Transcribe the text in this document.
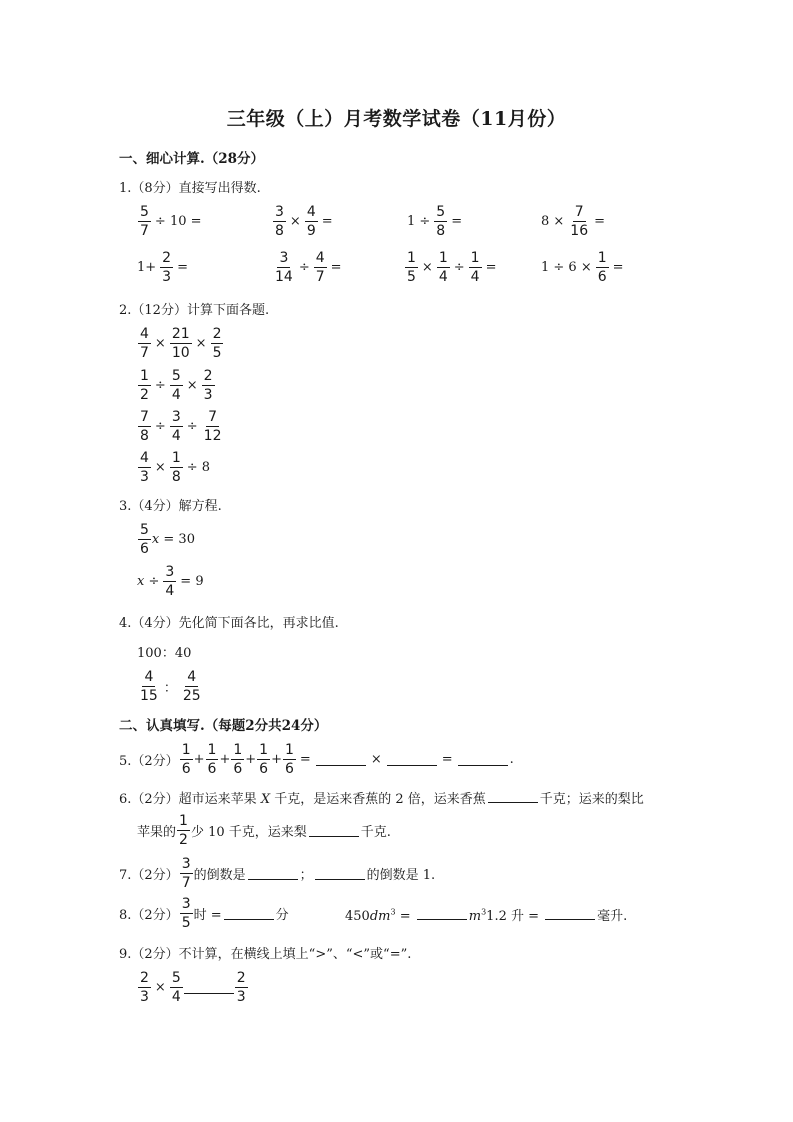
三年级（上）月考数学试卷（11月份）
一、细心计算.（28分）
1.（8分）直接写出得数.
$\frac{5}{7} \div 10$ =	$\frac{3}{8} \times \frac{4}{9}$ =	$1 \div \frac{5}{8}$ =	$8 \times \frac{7}{16}$ =
$1+ \frac{2}{3}$ =	$\frac{3}{14} \div \frac{4}{7}$ =	$\frac{1}{5} \times \frac{1}{4} \div \frac{1}{4}$ =	$1 \div 6 \times \frac{1}{6}$ =
2.（12分）计算下面各题.
$\frac{4}{7} \times \frac{21}{10} \times \frac{2}{5}$
$\frac{1}{2} \div \frac{5}{4} \times \frac{2}{3}$
$\frac{7}{8} \div \frac{3}{4} \div \frac{7}{12}$
$\frac{4}{3} \times \frac{1}{8} \div 8$
3.（4分）解方程.
$\frac{5}{6}$ x = 30
$x \div \frac{3}{4} = 9$
4.（4分）先化简下面各比，再求比值.
100：40
$\frac{4}{15}$ ： $\frac{4}{25}$
二、认真填写.（每题2分共24分）
5.（2分） $\frac{1}{6} + \frac{1}{6} + \frac{1}{6} + \frac{1}{6} + \frac{1}{6}$ =	×	=	.
6.（2分）超市运来苹果 X 千克，是运来香蕉的 2 倍，运来香蕉	千克；运来的梨比
苹果的 $\frac{1}{2}$ 少 10 千克，运来梨	千克.
7.（2分） $\frac{3}{7}$ 的倒数是	；	的倒数是 1.
8.（2分） $\frac{3}{5}$ 时 =	分	$450dm^3$ =	$m^31.2$ 升 =	毫升.
9.（2分）不计算，在横线上填上“>”、“<”或“=”.
$\frac{2}{3} \times \frac{5}{4}$	$\frac{2}{3}$
